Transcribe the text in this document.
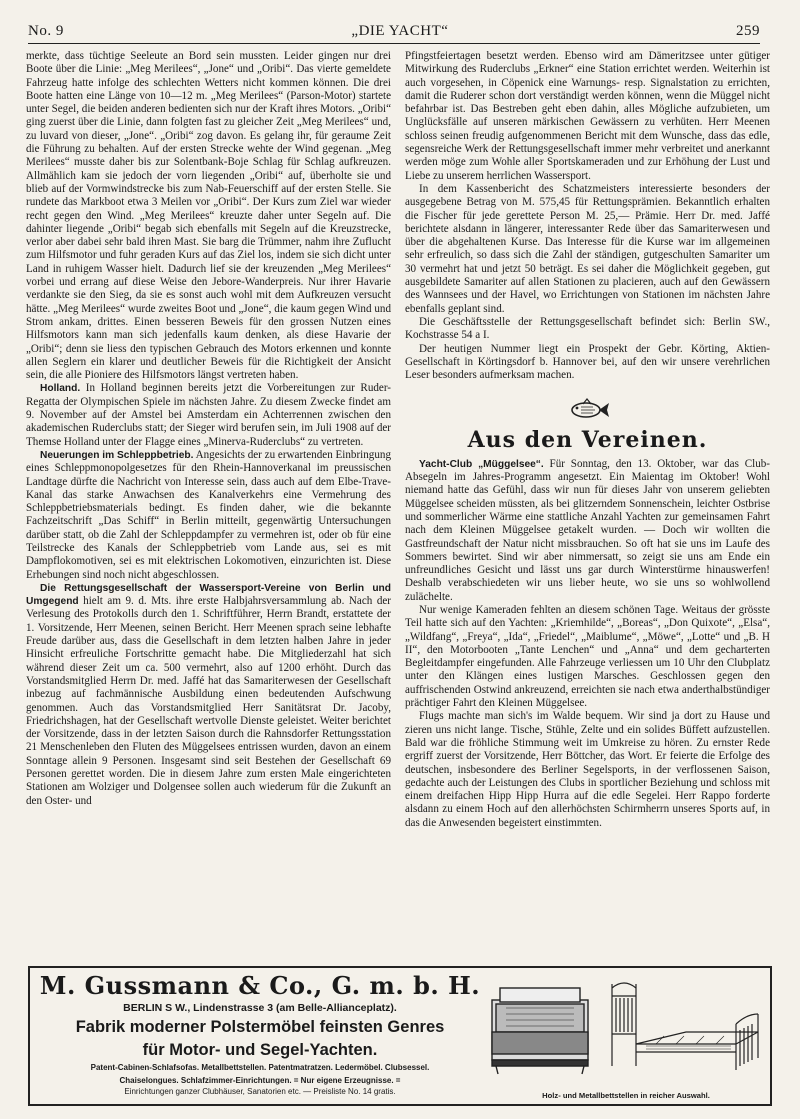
No. 9	„DIE YACHT“	259

merkte, dass tüchtige Seeleute an Bord sein mussten. Leider gingen nur drei Boote über die Linie: „Meg Merilees“, „Jone“ und „Oribi“. Das vierte gemeldete Fahrzeug hatte infolge des schlechten Wetters nicht kommen können. Die drei Boote hatten eine Länge von 10—12 m. „Meg Merilees“ (Parson-Motor) startete unter Segel, die beiden anderen bedienten sich nur der Kraft ihres Motors. „Oribi“ ging zuerst über die Linie, dann folgten fast zu gleicher Zeit „Meg Merilees“ und, zu luvard von dieser, „Jone“. „Oribi“ zog davon. Es gelang ihr, für geraume Zeit die Führung zu behalten. Auf der ersten Strecke wehte der Wind gegenan. „Meg Merilees“ musste daher bis zur Solentbank-Boje Schlag für Schlag aufkreuzen. Allmählich kam sie jedoch der vorn liegenden „Oribi“ auf, überholte sie und blieb auf der Vormwindstrecke bis zum Nab-Feuerschiff auf der ersten Stelle. Sie rundete das Markboot etwa 3 Meilen vor „Oribi“. Der Kurs zum Ziel war wieder recht gegen den Wind. „Meg Merilees“ kreuzte daher unter Segeln auf. Die dahinter liegende „Oribi“ begab sich ebenfalls mit Segeln auf die Kreuzstrecke, verlor aber dabei sehr bald ihren Mast. Sie barg die Trümmer, nahm ihre Zuflucht zum Hilfsmotor und fuhr geraden Kurs auf das Ziel los, indem sie sich dicht unter Land in ruhigem Wasser hielt. Dadurch lief sie der kreuzenden „Meg Merilees“ vorbei und errang auf diese Weise den Jebore-Wanderpreis. Nur ihrer Havarie verdankte sie den Sieg, da sie es sonst auch wohl mit dem Aufkreuzen versucht hätte. „Meg Merilees“ wurde zweites Boot und „Jone“, die kaum gegen Wind und Strom ankam, drittes. Einen besseren Beweis für den grossen Nutzen eines Hilfsmotors kann man sich jedenfalls kaum denken, als diese Havarie der „Oribi“; denn sie liess den typischen Gebrauch des Motors erkennen und konnte allen Seglern ein klarer und deutlicher Beweis für die Richtigkeit der Ansicht sein, die alle Pioniere des Hilfsmotors längst vertreten haben.

Holland. In Holland beginnen bereits jetzt die Vorbereitungen zur Ruder-Regatta der Olympischen Spiele im nächsten Jahre. Zu diesem Zwecke findet am 9. November auf der Amstel bei Amsterdam ein Achterrennen zwischen den akademischen Ruderclubs statt; der Sieger wird berufen sein, im Juli 1908 auf der Themse Holland unter der Flagge eines „Minerva-Ruderclubs“ zu vertreten.

Neuerungen im Schleppbetrieb. Angesichts der zu erwartenden Einbringung eines Schleppmonopolgesetzes für den Rhein-Hannoverkanal im preussischen Landtage dürfte die Nachricht von Interesse sein, dass auch auf dem Elbe-Trave-Kanal das starke Anwachsen des Kanalverkehrs eine Vermehrung des Schleppbetriebsmaterials bedingt. Es finden daher, wie die bekannte Fachzeitschrift „Das Schiff“ in Berlin mitteilt, gegenwärtig Untersuchungen darüber statt, ob die Zahl der Schleppdampfer zu vermehren ist, oder ob für eine Teilstrecke des Kanals der Schleppbetrieb vom Lande aus, sei es mit Dampflokomotiven, sei es mit elektrischen Lokomotiven, einzurichten ist. Diese Erhebungen sind noch nicht abgeschlossen.

Die Rettungsgesellschaft der Wassersport-Vereine von Berlin und Umgegend hielt am 9. d. Mts. ihre erste Halbjahrsversammlung ab. Nach der Verlesung des Protokolls durch den 1. Schriftführer, Herrn Brandt, erstattete der 1. Vorsitzende, Herr Meenen, seinen Bericht. Herr Meenen sprach seine lebhafte Freude darüber aus, dass die Gesellschaft in dem letzten halben Jahre in jeder Hinsicht erfreuliche Fortschritte gemacht habe. Die Mitgliederzahl hat sich während dieser Zeit um ca. 500 vermehrt, also auf 1200 erhöht. Durch das Vorstandsmitglied Herrn Dr. med. Jaffé hat das Samariterwesen der Gesellschaft inbezug auf fachmännische Ausbildung einen bedeutenden Aufschwung genommen. Auch das Vorstandsmitglied Herr Sanitätsrat Dr. Jacoby, Friedrichshagen, hat der Gesellschaft wertvolle Dienste geleistet. Weiter berichtet der Vorsitzende, dass in der letzten Saison durch die Rahnsdorfer Rettungsstation 21 Menschenleben den Fluten des Müggelsees entrissen wurden, davon an einem Sonntage allein 9 Personen. Insgesamt sind seit Bestehen der Gesellschaft 69 Personen gerettet worden. Die in diesem Jahre zum ersten Male eingerichteten Stationen am Wolziger und Dolgensee sollen auch wiederum für die Zukunft an den Oster- und

Pfingstfeiertagen besetzt werden. Ebenso wird am Dämeritzsee unter gütiger Mitwirkung des Ruderclubs „Erkner“ eine Station errichtet werden. Weiterhin ist auch vorgesehen, in Cöpenick eine Warnungs- resp. Signalstation zu errichten, damit die Ruderer schon dort verständigt werden können, wenn die Müggel nicht befahrbar ist. Das Bestreben geht eben dahin, alles Mögliche aufzubieten, um Unglücksfälle auf unseren märkischen Gewässern zu verhüten. Herr Meenen schloss seinen freudig aufgenommenen Bericht mit dem Wunsche, dass das edle, segensreiche Werk der Rettungsgesellschaft immer mehr verbreitet und anerkannt werden möge zum Wohle aller Sportskameraden und zur Erhöhung der Lust und Liebe zu unserem herrlichen Wassersport.

In dem Kassenbericht des Schatzmeisters interessierte besonders der ausgegebene Betrag von M. 575,45 für Rettungsprämien. Bekanntlich erhalten die Fischer für jede gerettete Person M. 25,— Prämie. Herr Dr. med. Jaffé berichtete alsdann in längerer, interessanter Rede über das Samariterwesen und über die abgehaltenen Kurse. Das Interesse für die Kurse war im allgemeinen sehr erfreulich, so dass sich die Zahl der ständigen, gutgeschulten Samariter um 30 vermehrt hat und jetzt 50 beträgt. Es sei daher die Möglichkeit gegeben, gut ausgebildete Samariter auf allen Stationen zu placieren, auch auf den Gewässern des Wannsees und der Havel, wo Errichtungen von Stationen im nächsten Jahre ebenfalls geplant sind.

Die Geschäftsstelle der Rettungsgesellschaft befindet sich: Berlin SW., Kochstrasse 54 a I.

Der heutigen Nummer liegt ein Prospekt der Gebr. Körting, Aktien-Gesellschaft in Körtingsdorf b. Hannover bei, auf den wir unsere verehrlichen Leser besonders aufmerksam machen.

Aus den Vereinen.

Yacht-Club „Müggelsee“. Für Sonntag, den 13. Oktober, war das Club-Absegeln im Jahres-Programm angesetzt. Ein Maientag im Oktober! Wohl niemand hatte das Gefühl, dass wir nun für dieses Jahr von unserem geliebten Müggelsee scheiden müssten, als bei glitzerndem Sonnenschein, leichter Ostbrise und sommerlicher Wärme eine stattliche Anzahl Yachten zur gemeinsamen Fahrt nach dem Kleinen Müggelsee getakelt wurden. — Doch wir wollten die Gastfreundschaft der Natur nicht missbrauchen. So oft hat sie uns im Laufe des Sommers bewirtet. Sind wir aber nimmersatt, so zeigt sie uns am Ende ein unfreundliches Gesicht und lässt uns gar durch Winterstürme hinauswerfen! Deshalb verabschiedeten wir uns lieber heute, wo sie uns so wohlwollend zulächelte.

Nur wenige Kameraden fehlten an diesem schönen Tage. Weitaus der grösste Teil hatte sich auf den Yachten: „Kriemhilde“, „Boreas“, „Don Quixote“, „Elsa“, „Wildfang“, „Freya“, „Ida“, „Friedel“, „Maiblume“, „Möwe“, „Lotte“ und „B. H II“, den Motorbooten „Tante Lenchen“ und „Anna“ und dem gecharterten Begleitdampfer eingefunden. Alle Fahrzeuge verliessen um 10 Uhr den Clubplatz unter den Klängen eines lustigen Marsches. Geschlossen gegen den auffrischenden Ostwind ankreuzend, erreichten sie nach etwa anderthalbstündiger prächtiger Fahrt den Kleinen Müggelsee.

Flugs machte man sich's im Walde bequem. Wir sind ja dort zu Hause und zieren uns nicht lange. Tische, Stühle, Zelte und ein solides Büffett aufzustellen. Bald war die fröhliche Stimmung weit im Umkreise zu hören. Zu ernster Rede ergriff zuerst der Vorsitzende, Herr Böttcher, das Wort. Er feierte die Erfolge des deutschen, insbesondere des Berliner Segelsports, in der verflossenen Saison, gedachte auch der Leistungen des Clubs in sportlicher Beziehung und schloss mit einem dreifachen Hipp Hipp Hurra auf die edle Segelei. Herr Rappo forderte alsdann zu einem Hoch auf den allerhöchsten Schirmherrn unseres Sports auf, in das die Anwesenden begeistert einstimmten.

M. Gussmann & Co., G. m. b. H.
BERLIN S W., Lindenstrasse 3 (am Belle-Allianceplatz).
Fabrik moderner Polstermöbel feinsten Genres
für Motor- und Segel-Yachten.
Patent-Cabinen-Schlafsofas. Metallbettstellen. Patentmatratzen. Ledermöbel. Clubsessel.
Chaiselongues. Schlafzimmer-Einrichtungen. = Nur eigene Erzeugnisse. =
Einrichtungen ganzer Clubhäuser, Sanatorien etc. — Preisliste No. 14 gratis.	Holz- und Metallbettstellen in reicher Auswahl.
